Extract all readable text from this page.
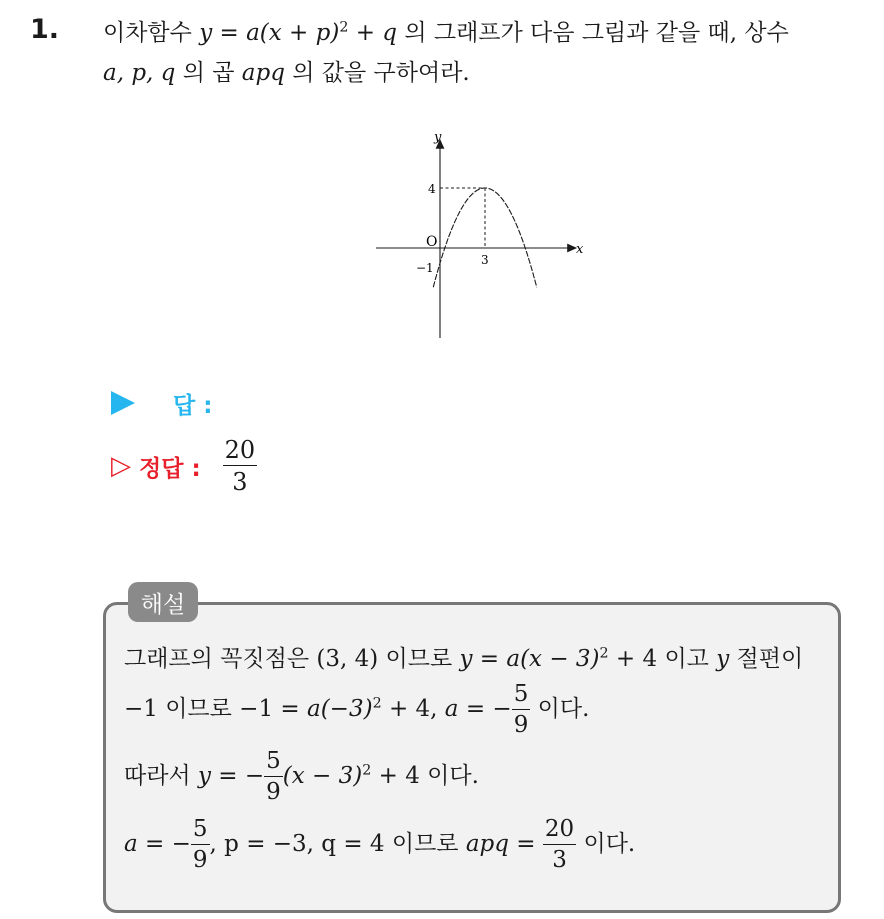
1. 이차함수 $y = a(x + p)^2 + q$ 의 그래프가 다음 그림과 같을 때, 상수
a, p, q 의 곱 apq 의 값을 구하여라.
y
x
O
4
−1
3
답 :
▷ 정답 : $\frac{20}{3}$
해설
그래프의 꼭짓점은 (3, 4) 이므로 $y = a(x - 3)^2 + 4$ 이고 y 절편이
−1 이므로 $-1 = a(-3)^2 + 4$, a = − $\frac{5}{9}$ 이다.
따라서 y = − $\frac{5}{9} (x - 3)^2 + 4$ 이다.
a = − $\frac{5}{9}$ , p = −3, q = 4 이므로 apq = $\frac{20}{3}$ 이다.
